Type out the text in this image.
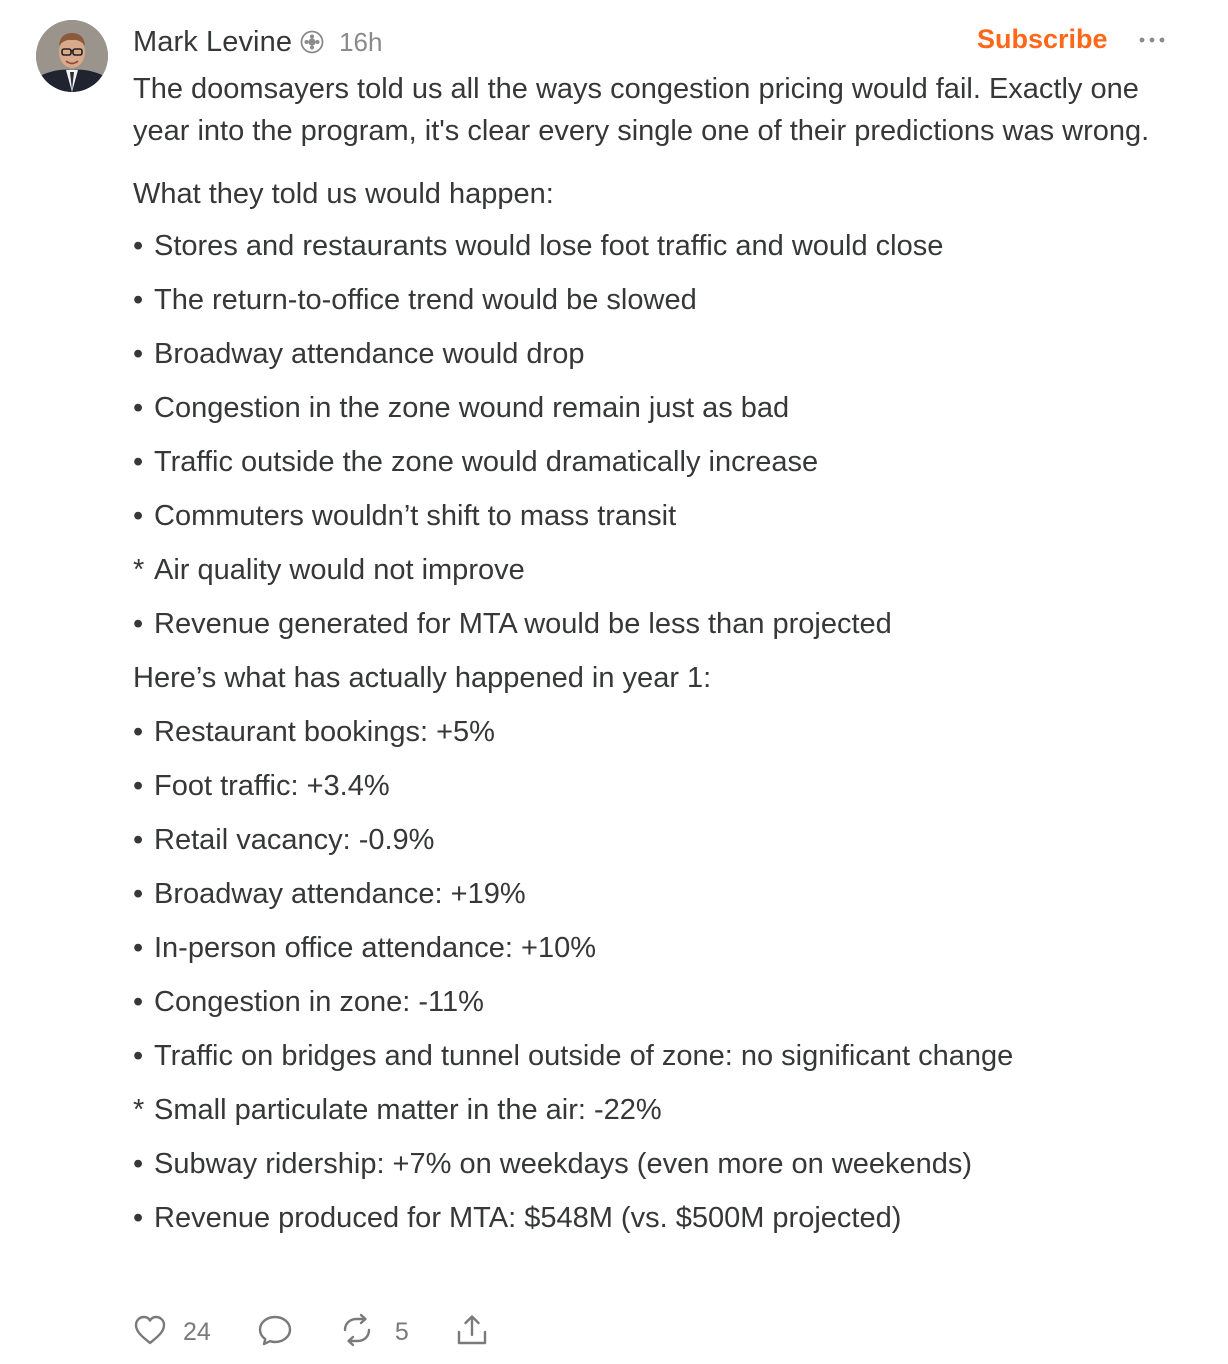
Mark Levine 16h	Subscribe

The doomsayers told us all the ways congestion pricing would fail. Exactly one year into the program, it's clear every single one of their predictions was wrong.

What they told us would happen:
• Stores and restaurants would lose foot traffic and would close
• The return-to-office trend would be slowed
• Broadway attendance would drop
• Congestion in the zone wound remain just as bad
• Traffic outside the zone would dramatically increase
• Commuters wouldn’t shift to mass transit
* Air quality would not improve
• Revenue generated for MTA would be less than projected
Here’s what has actually happened in year 1:
• Restaurant bookings: +5%
• Foot traffic: +3.4%
• Retail vacancy: -0.9%
• Broadway attendance: +19%
• In-person office attendance: +10%
• Congestion in zone: -11%
• Traffic on bridges and tunnel outside of zone: no significant change
* Small particulate matter in the air: -22%
• Subway ridership: +7% on weekdays (even more on weekends)
• Revenue produced for MTA: $548M (vs. $500M projected)
24	5
